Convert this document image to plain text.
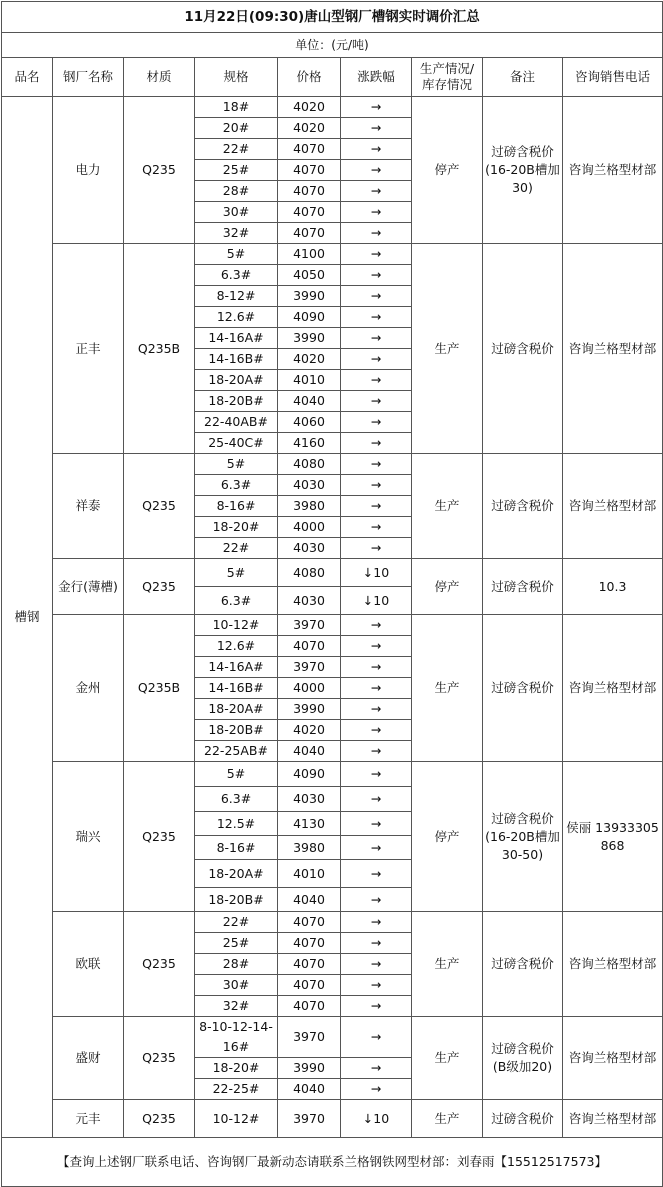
11月22日(09:30)唐山型钢厂槽钢实时调价汇总								
单位：(元/吨)								
品名	钢厂名称	材质	规格	价格	涨跌幅	生产情况/库存情况	备注	咨询销售电话
槽钢	电力	Q235	18#	4020	→	停产	过磅含税价(16-20B槽加30)	咨询兰格型材部
			20#	4020	→			
			22#	4070	→			
			25#	4070	→			
			28#	4070	→			
			30#	4070	→			
			32#	4070	→			
	正丰	Q235B	5#	4100	→	生产	过磅含税价	咨询兰格型材部
			6.3#	4050	→			
			8-12#	3990	→			
			12.6#	4090	→			
			14-16A#	3990	→			
			14-16B#	4020	→			
			18-20A#	4010	→			
			18-20B#	4040	→			
			22-40AB#	4060	→			
			25-40C#	4160	→			
	祥泰	Q235	5#	4080	→	生产	过磅含税价	咨询兰格型材部
			6.3#	4030	→			
			8-16#	3980	→			
			18-20#	4000	→			
			22#	4030	→			
	金行(薄槽)	Q235	5#	4080	↓10	停产	过磅含税价	10.3
			6.3#	4030	↓10			
	金州	Q235B	10-12#	3970	→	生产	过磅含税价	咨询兰格型材部
			12.6#	4070	→			
			14-16A#	3970	→			
			14-16B#	4000	→			
			18-20A#	3990	→			
			18-20B#	4020	→			
			22-25AB#	4040	→			
	瑞兴	Q235	5#	4090	→	停产	过磅含税价(16-20B槽加30-50)	侯丽 13933305868
			6.3#	4030	→			
			12.5#	4130	→			
			8-16#	3980	→			
			18-20A#	4010	→			
			18-20B#	4040	→			
	欧联	Q235	22#	4070	→	生产	过磅含税价	咨询兰格型材部
			25#	4070	→			
			28#	4070	→			
			30#	4070	→			
			32#	4070	→			
	盛财	Q235	8-10-12-14-16#	3970	→	生产	过磅含税价(B级加20)	咨询兰格型材部
			18-20#	3990	→			
			22-25#	4040	→			
	元丰	Q235	10-12#	3970	↓10	生产	过磅含税价	咨询兰格型材部
【查询上述钢厂联系电话、咨询钢厂最新动态请联系兰格钢铁网型材部：刘春雨【15512517573】								
